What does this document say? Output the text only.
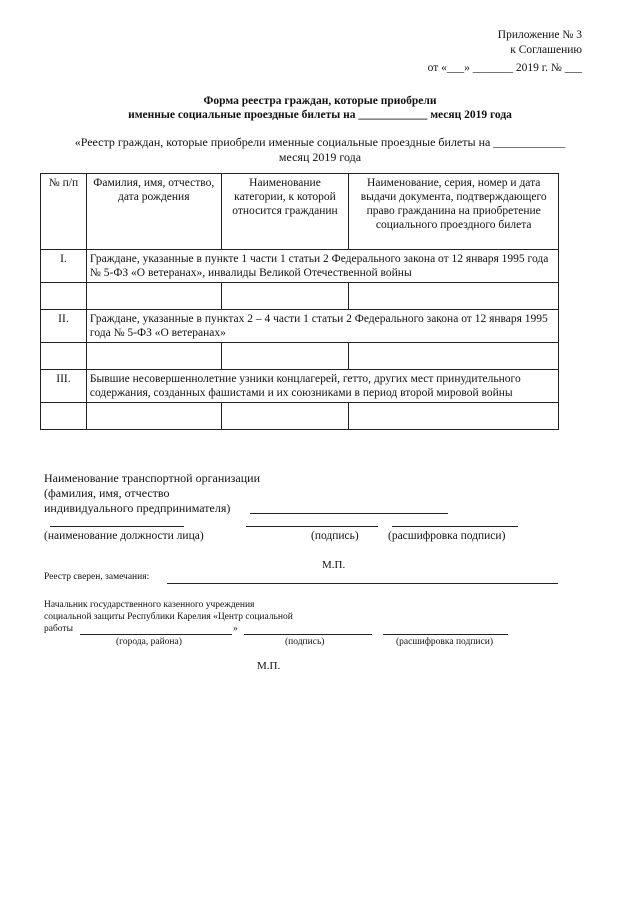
Приложение № 3
к Соглашению
от «___» _______ 2019 г. № ___
Форма реестра граждан, которые приобрели
именные социальные проездные билеты на ____________ месяц 2019 года
«Реестр граждан, которые приобрели именные социальные проездные билеты на ____________
месяц 2019 года
№ п/п	Фамилия, имя, отчество, дата рождения	Наименование категории, к которой относится гражданин	Наименование, серия, номер и дата выдачи документа, подтверждающего право гражданина на приобретение социального проездного билета
I.	Граждане, указанные в пункте 1 части 1 статьи 2 Федерального закона от 12 января 1995 года № 5-ФЗ «О ветеранах», инвалиды Великой Отечественной войны		

II.	Граждане, указанные в пунктах 2 – 4 части 1 статьи 2 Федерального закона от 12 января 1995 года № 5-ФЗ «О ветеранах»		

III.	Бывшие несовершеннолетние узники концлагерей, гетто, других мест принудительного содержания, созданных фашистами и их союзниками в период второй мировой войны		

Наименование транспортной организации
(фамилия, имя, отчество
индивидуального предпринимателя)
(наименование должности лица)	(подпись)	(расшифровка подписи)
М.П.
Реестр сверен, замечания:
Начальник государственного казенного учреждения
социальной защиты Республики Карелия «Центр социальной
работы	»
(города, района)	(подпись)	(расшифровка подписи)
М.П.
